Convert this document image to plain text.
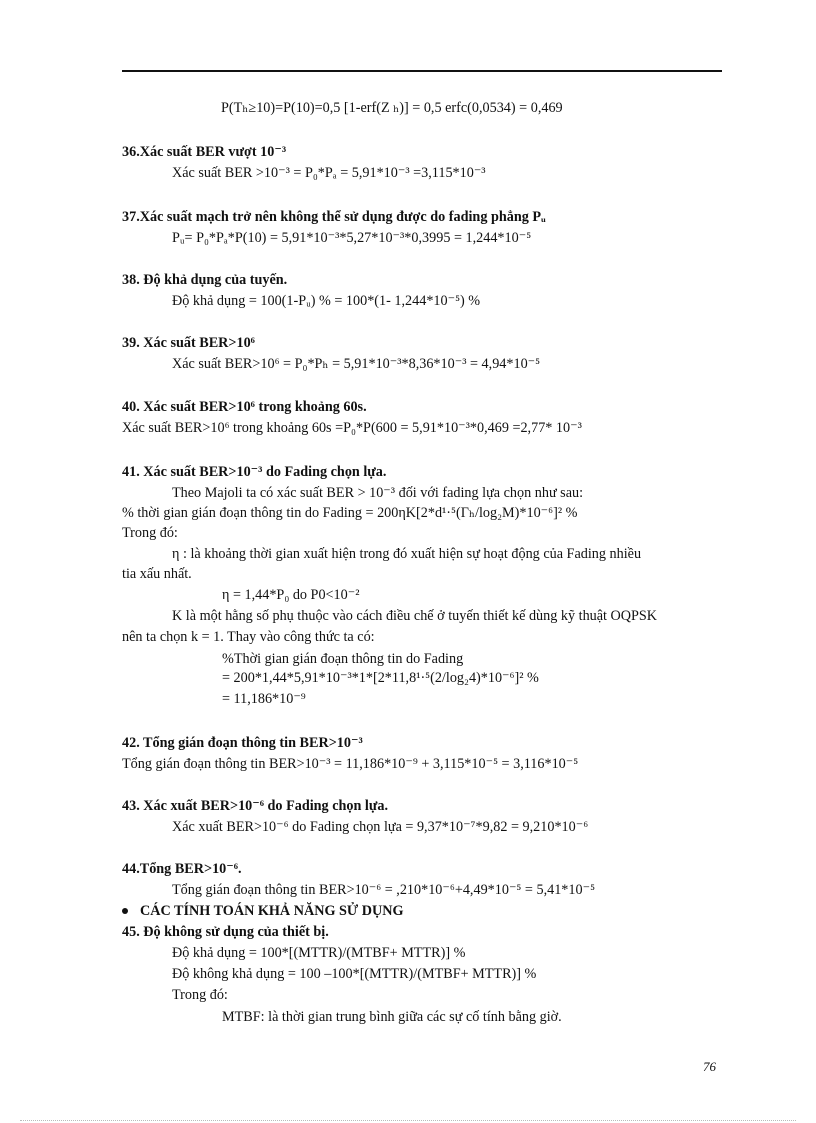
P(Tₕ≥10)=P(10)=0,5 [1-erf(Z ₕ)] = 0,5 erfc(0,0534) = 0,469
36.Xác suất BER vượt 10⁻³
Xác suất BER >10⁻³ = P₀*Pₐ = 5,91*10⁻³ =3,115*10⁻³
37.Xác suất mạch trở nên không thể sử dụng được do fading phẳng Pᵤ
Pᵤ= P₀*Pₐ*P(10) = 5,91*10⁻³*5,27*10⁻³*0,3995 = 1,244*10⁻⁵
38. Độ khả dụng của tuyến.
Độ khả dụng = 100(1-Pᵤ) % = 100*(1- 1,244*10⁻⁵) %
39. Xác suất BER>10⁶
Xác suất BER>10⁶ = P₀*Pₕ = 5,91*10⁻³*8,36*10⁻³ = 4,94*10⁻⁵
40. Xác suất BER>10⁶ trong khoảng 60s.
Xác suất BER>10⁶ trong khoảng 60s =P₀*P(600 = 5,91*10⁻³*0,469 =2,77* 10⁻³
41. Xác suất BER>10⁻³ do Fading chọn lựa.
Theo Majoli ta có xác suất BER > 10⁻³ đối với fading lựa chọn như sau:
% thời gian gián đoạn thông tin do Fading = 200ηK[2*d¹·⁵(Γₕ/log₂M)*10⁻⁶]² %
Trong đó:
η : là khoảng thời gian xuất hiện trong đó xuất hiện sự hoạt động của Fading nhiều
tia xấu nhất.
η = 1,44*P₀ do P0<10⁻²
K là một hằng số phụ thuộc vào cách điều chế ở tuyến thiết kế dùng kỹ thuật OQPSK
nên ta chọn k = 1. Thay vào công thức ta có:
%Thời gian gián đoạn thông tin do Fading
= 200*1,44*5,91*10⁻³*1*[2*11,8¹·⁵(2/log₂4)*10⁻⁶]² %
= 11,186*10⁻⁹
42. Tổng gián đoạn thông tin BER>10⁻³
Tổng gián đoạn thông tin BER>10⁻³ = 11,186*10⁻⁹ + 3,115*10⁻⁵ = 3,116*10⁻⁵
43. Xác xuất BER>10⁻⁶ do Fading chọn lựa.
Xác xuất BER>10⁻⁶ do Fading chọn lựa = 9,37*10⁻⁷*9,82 = 9,210*10⁻⁶
44.Tổng BER>10⁻⁶.
Tổng gián đoạn thông tin BER>10⁻⁶ = ,210*10⁻⁶+4,49*10⁻⁵ = 5,41*10⁻⁵
CÁC TÍNH TOÁN KHẢ NĂNG SỬ DỤNG
45. Độ không sử dụng của thiết bị.
Độ khả dụng = 100*[(MTTR)/(MTBF+ MTTR)] %
Độ không khả dụng = 100 –100*[(MTTR)/(MTBF+ MTTR)] %
Trong đó:
MTBF: là thời gian trung bình giữa các sự cố tính bằng giờ.
76
